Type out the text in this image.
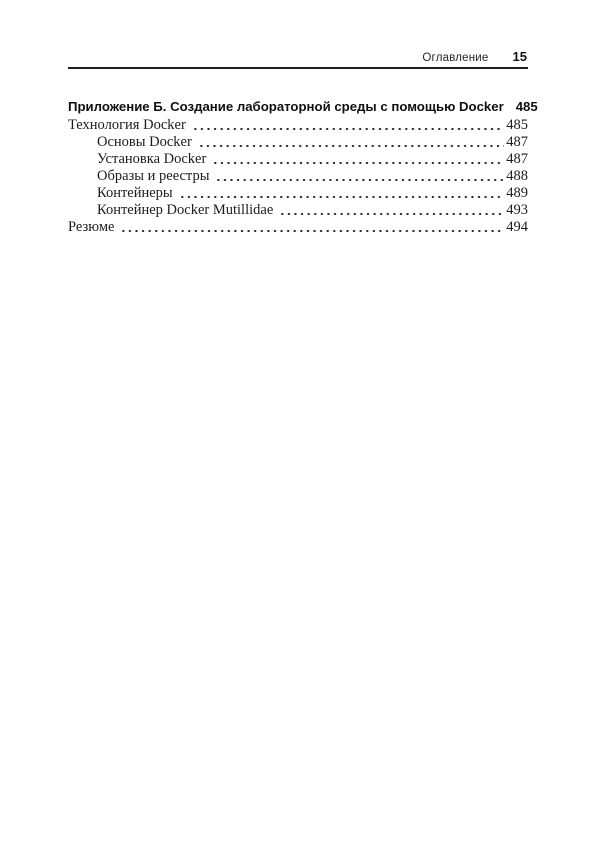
Оглавление 15
Приложение Б. Создание лабораторной среды с помощью Docker 485
Технология Docker	485
Основы Docker	487
Установка Docker	487
Образы и реестры	488
Контейнеры	489
Контейнер Docker Mutillidae	493
Резюме	494
